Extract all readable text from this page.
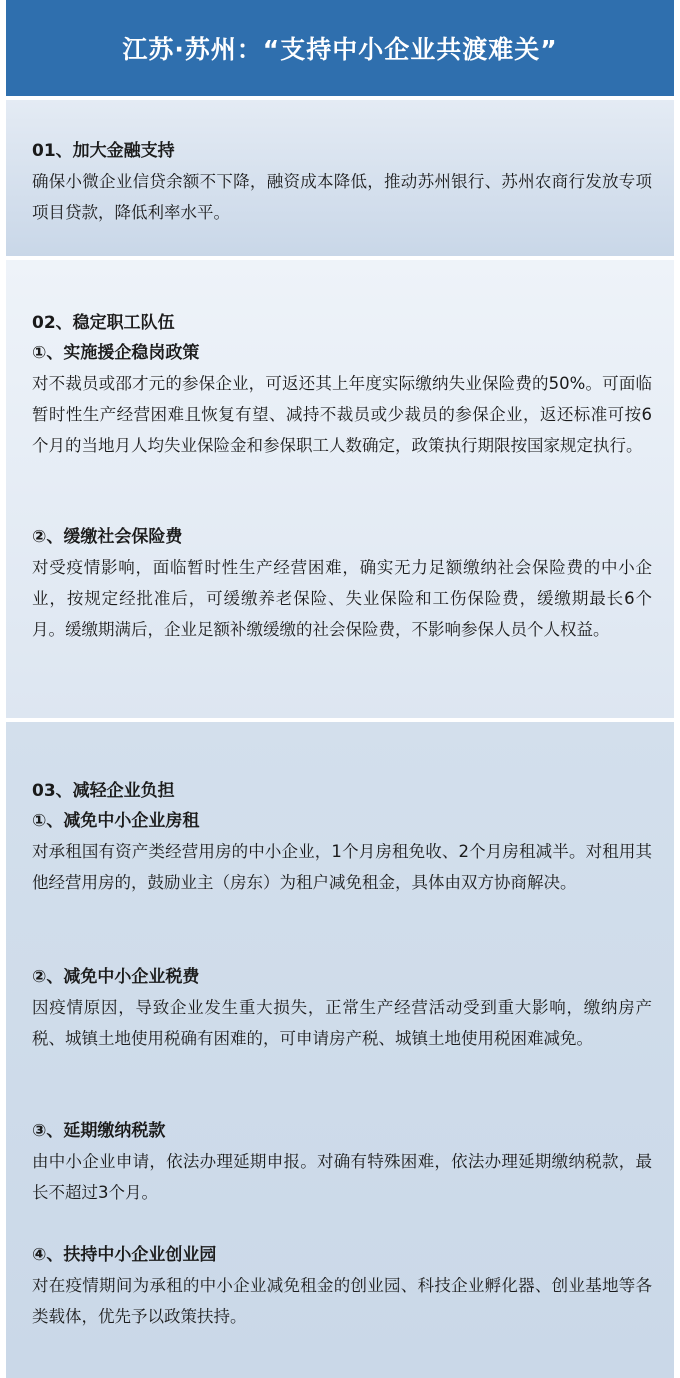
江苏·苏州：“支持中小企业共渡难关”

01、加大金融支持

确保小微企业信贷余额不下降，融资成本降低，推动苏州银行、苏州农商行发放专项项目贷款，降低利率水平。

02、稳定职工队伍

①、实施援企稳岗政策

对不裁员或邵才元的参保企业，可返还其上年度实际缴纳失业保险费的50%。可面临暂时性生产经营困难且恢复有望、减持不裁员或少裁员的参保企业，返还标准可按6个月的当地月人均失业保险金和参保职工人数确定，政策执行期限按国家规定执行。

②、缓缴社会保险费

对受疫情影响，面临暂时性生产经营困难，确实无力足额缴纳社会保险费的中小企业，按规定经批准后，可缓缴养老保险、失业保险和工伤保险费，缓缴期最长6个月。缓缴期满后，企业足额补缴缓缴的社会保险费，不影响参保人员个人权益。

03、减轻企业负担

①、减免中小企业房租

对承租国有资产类经营用房的中小企业，1个月房租免收、2个月房租减半。对租用其他经营用房的，鼓励业主（房东）为租户减免租金，具体由双方协商解决。

②、减免中小企业税费

因疫情原因，导致企业发生重大损失，正常生产经营活动受到重大影响，缴纳房产税、城镇土地使用税确有困难的，可申请房产税、城镇土地使用税困难减免。

③、延期缴纳税款

由中小企业申请，依法办理延期申报。对确有特殊困难，依法办理延期缴纳税款，最长不超过3个月。

④、扶持中小企业创业园

对在疫情期间为承租的中小企业减免租金的创业园、科技企业孵化器、创业基地等各类载体，优先予以政策扶持。
